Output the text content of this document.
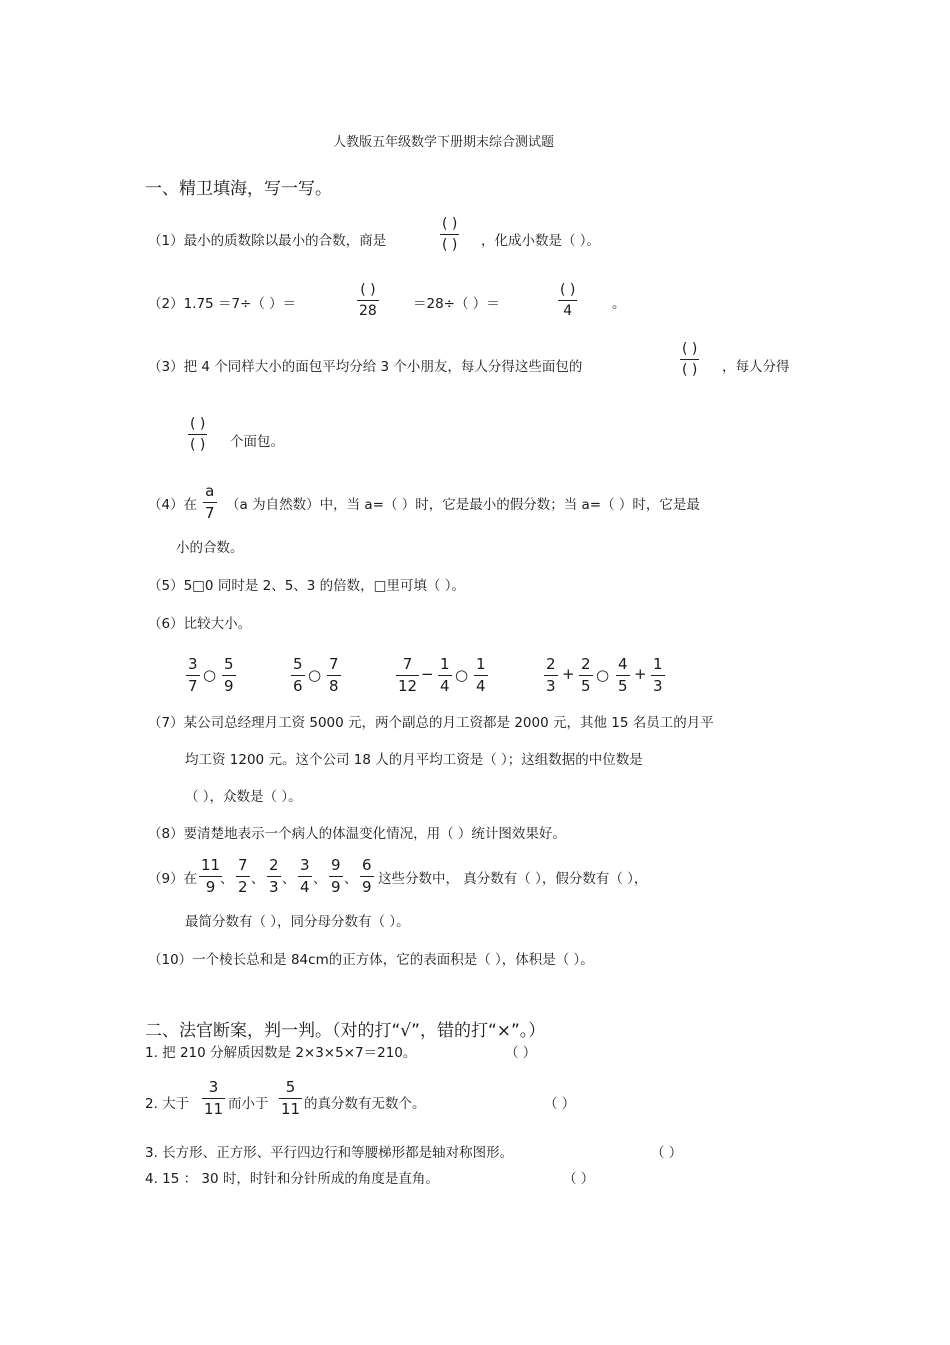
人教版五年级数学下册期末综合测试题
一、精卫填海，写一写。
（1）最小的质数除以最小的合数，商是
( )
( ) ，化成小数是（ ）。
（2）1.75 ＝7÷（ ）＝
( )
28	＝28÷（ ）＝
( )
4	。
（3）把 4 个同样大小的面包平均分给 3 个小朋友，每人分得这些面包的
( )
( ) ，每人分得
( )
( ) 个面包。
（4）在
a
7 （a 为自然数）中，当 a=（ ）时，它是最小的假分数；当 a=（ ）时，它是最
小的合数。
（5）5□0 同时是 2、5、3 的倍数，□里可填（ ）。
（6）比较大小。
3
7
○
5
9
5
6
○
7
8
7
12
−
1
4
○
1
4
2
3
+
2
5
○
4
5
+
1
3
（7）某公司总经理月工资 5000 元，两个副总的月工资都是 2000 元，其他 15 名员工的月平
均工资 1200 元。这个公司 18 人的月平均工资是（ ）；这组数据的中位数是
（ ），众数是（ ）。
（8）要清楚地表示一个病人的体温变化情况，用（ ）统计图效果好。
（9）在
11
9 、
7
2 、
2
3 、
3
4 、
9
9 、
6
9 这些分数中， 真分数有（ ），假分数有（ ），
最简分数有（ ），同分母分数有（ ）。
（10）一个棱长总和是 84cm的正方体，它的表面积是（ ），体积是（ ）。
二、法官断案，判一判。（对的打“√”，错的打“×”。）
1. 把 210 分解质因数是 2×3×5×7＝210。	（ ）
2. 大于
3
11 而小于
5
11 的真分数有无数个。	（ ）
3. 长方形、正方形、平行四边行和等腰梯形都是轴对称图形。	（ ）
4. 15 ： 30 时，时针和分针所成的角度是直角。	（ ）
